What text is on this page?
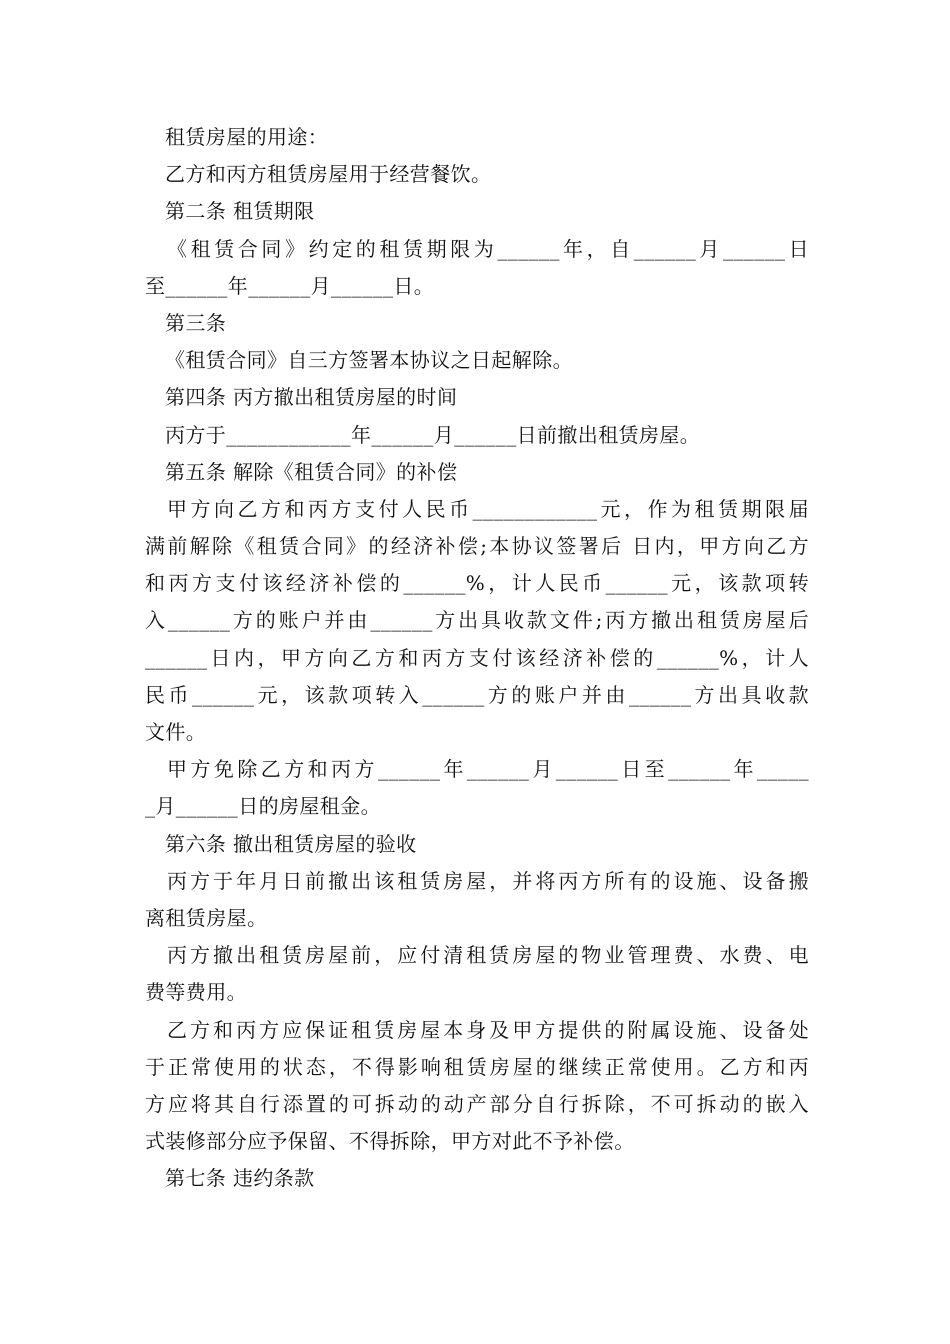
租赁房屋的用途：
乙方和丙方租赁房屋用于经营餐饮。
第二条 租赁期限
《租赁合同》约定的租赁期限为______年，自______月______日
至______年______月______日。
第三条
《租赁合同》自三方签署本协议之日起解除。
第四条 丙方撤出租赁房屋的时间
丙方于____________年______月______日前撤出租赁房屋。
第五条 解除《租赁合同》的补偿
甲方向乙方和丙方支付人民币____________元，作为租赁期限届
满前解除《租赁合同》的经济补偿;本协议签署后 日内，甲方向乙方
和丙方支付该经济补偿的______%，计人民币______元，该款项转
入______方的账户并由______方出具收款文件;丙方撤出租赁房屋后
______日内，甲方向乙方和丙方支付该经济补偿的______%，计人
民币______元，该款项转入______方的账户并由______方出具收款
文件。
甲方免除乙方和丙方______年______月______日至______年_____
_月______日的房屋租金。
第六条 撤出租赁房屋的验收
丙方于年月日前撤出该租赁房屋，并将丙方所有的设施、设备搬
离租赁房屋。
丙方撤出租赁房屋前，应付清租赁房屋的物业管理费、水费、电
费等费用。
乙方和丙方应保证租赁房屋本身及甲方提供的附属设施、设备处
于正常使用的状态，不得影响租赁房屋的继续正常使用。乙方和丙
方应将其自行添置的可拆动的动产部分自行拆除，不可拆动的嵌入
式装修部分应予保留、不得拆除，甲方对此不予补偿。
第七条 违约条款
